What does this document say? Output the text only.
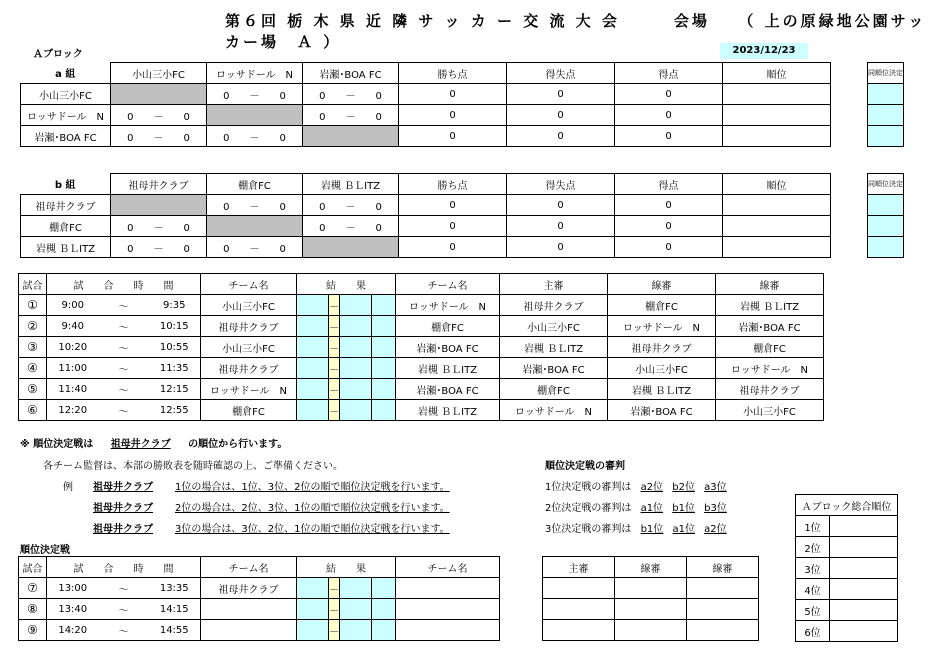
第６回 栃 木 県 近 隣 サ ッ カ ー 交 流 大 会　　　会場　　（ 上の原緑地公園サッカー場　Ａ ）	2023/12/23
Ａブロック
a 組	小山三小FC	ロッサドール　N	岩瀬･BOA FC	勝ち点	得失点	得点	順位
小山三小FC		0　　－　　0	0　　－　　0	0	0	0	
ロッサドール　N	0　　－　　0		0　　－　　0	0	0	0	
岩瀬･BOA FC	0　　－　　0	0　　－　　0		0	0	0	
同順位決定

b 組	祖母井クラブ	棚倉FC	岩槻 ＢＬITZ	勝ち点	得失点	得点	順位
祖母井クラブ		0　　－　　0	0　　－　　0	0	0	0	
棚倉FC	0　　－　　0		0　　－　　0	0	0	0	
岩槻 ＢＬITZ	0　　－　　0	0　　－　　0		0	0	0	
同順位決定

試合	試　　合　　時　　間			チーム名	結　　果				チーム名	主審	線審	線審
①	9:00	～	9:35	小山三小FC		－			ロッサドール　N	祖母井クラブ	棚倉FC	岩槻 ＢＬITZ
②	9:40	～	10:15	祖母井クラブ		－			棚倉FC	小山三小FC	ロッサドール　N	岩瀬･BOA FC
③	10:20	～	10:55	小山三小FC		－			岩瀬･BOA FC	岩槻 ＢＬITZ	祖母井クラブ	棚倉FC
④	11:00	～	11:35	祖母井クラブ		－			岩槻 ＢＬITZ	岩瀬･BOA FC	小山三小FC	ロッサドール　N
⑤	11:40	～	12:15	ロッサドール　N		－			岩瀬･BOA FC	棚倉FC	岩槻 ＢＬITZ	祖母井クラブ
⑥	12:20	～	12:55	棚倉FC		－			岩槻 ＢＬITZ	ロッサドール　N	岩瀬･BOA FC	小山三小FC
※ 順位決定戦は 祖母井クラブ の順位から行います。
各チーム監督は、本部の勝敗表を随時確認の上、ご準備ください。
例 祖母井クラブ 1位の場合は、1位、3位、2位の順で順位決定戦を行います。
祖母井クラブ 2位の場合は、2位、3位、1位の順で順位決定戦を行います。
祖母井クラブ 3位の場合は、3位、2位、1位の順で順位決定戦を行います。
順位決定戦の審判
1位決定戦の審判は a2位 b2位 a3位
2位決定戦の審判は a1位 b1位 b3位
3位決定戦の審判は b1位 a1位 a2位
Ａブロック総合順位	
1位	
2位	
3位	
4位	
5位	
6位	
順位決定戦
試合	試　　合　　時　　間			チーム名	結　　果				チーム名
⑦	13:00	～	13:35	祖母井クラブ		－			
⑧	13:40	～	14:15			－			
⑨	14:20	～	14:55			－			
主審	線審	線審
